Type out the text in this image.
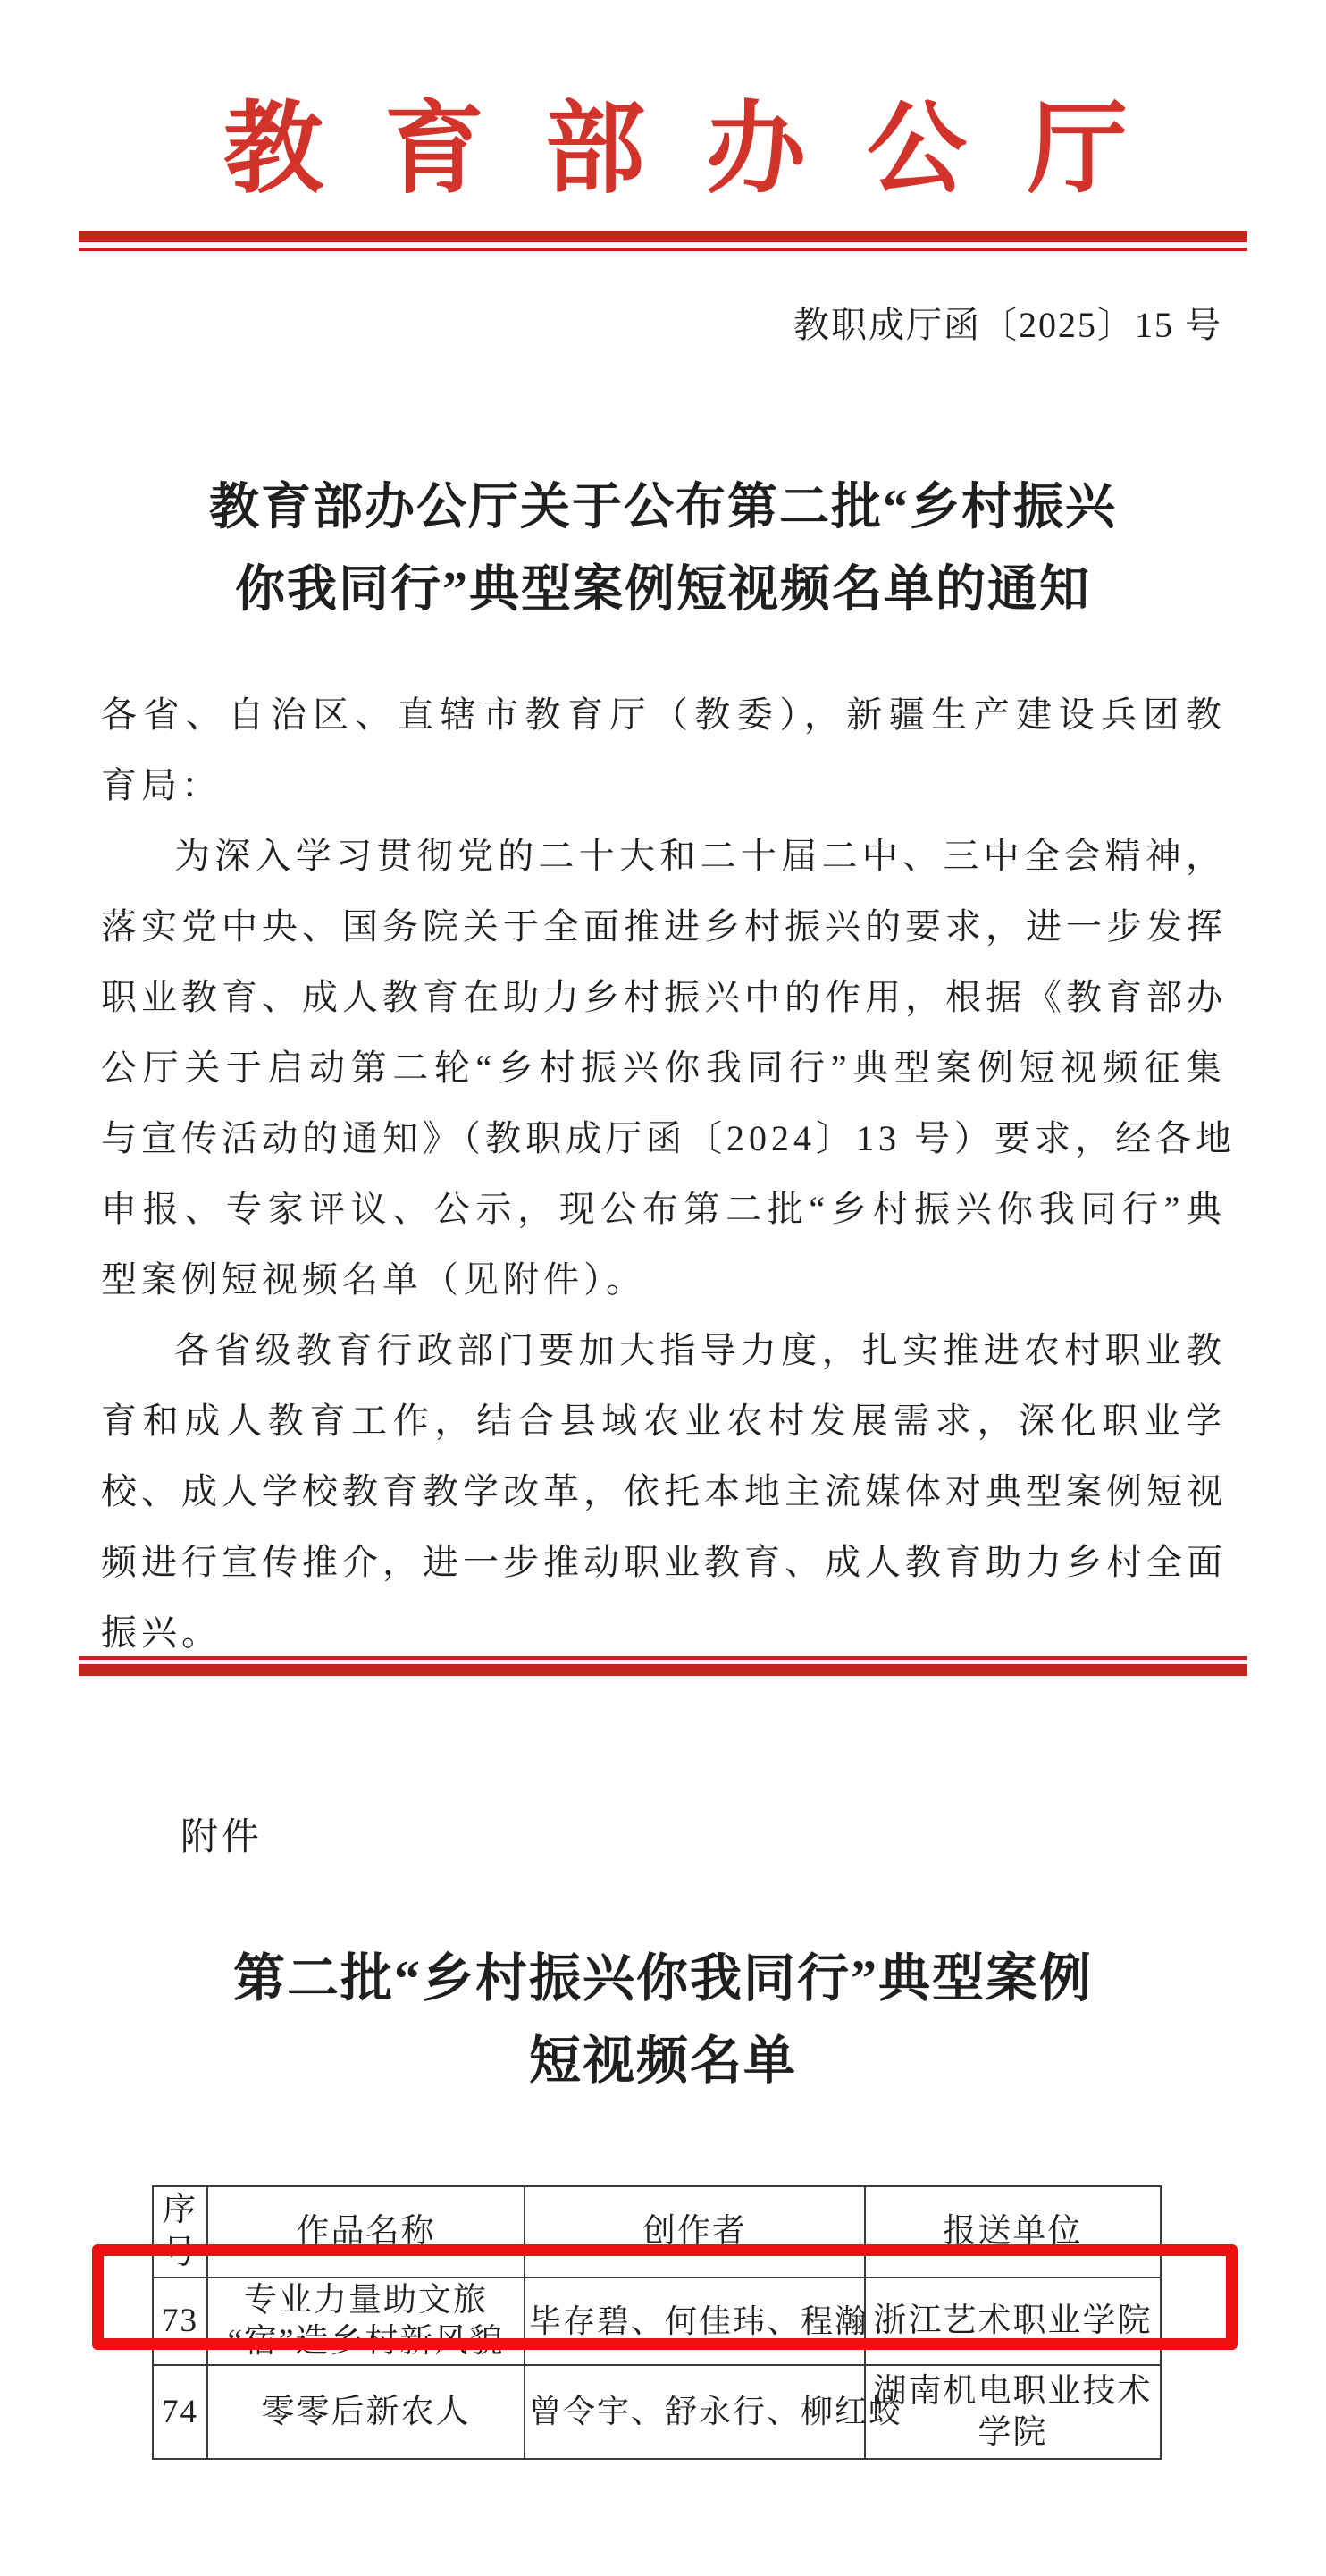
教 育 部 办 公 厅
教职成厅函〔2025〕15 号
教育部办公厅关于公布第二批“乡村振兴
你我同行”典型案例短视频名单的通知
各省、自治区、直辖市教育厅（教委），新疆生产建设兵团教
育局：
为深入学习贯彻党的二十大和二十届二中、三中全会精神，
落实党中央、国务院关于全面推进乡村振兴的要求，进一步发挥
职业教育、成人教育在助力乡村振兴中的作用，根据《教育部办
公厅关于启动第二轮“乡村振兴你我同行”典型案例短视频征集
与宣传活动的通知》（教职成厅函〔2024〕13 号）要求，经各地
申报、专家评议、公示，现公布第二批“乡村振兴你我同行”典
型案例短视频名单（见附件）。
各省级教育行政部门要加大指导力度，扎实推进农村职业教
育和成人教育工作，结合县域农业农村发展需求，深化职业学
校、成人学校教育教学改革，依托本地主流媒体对典型案例短视
频进行宣传推介，进一步推动职业教育、成人教育助力乡村全面
振兴。
附件
第二批“乡村振兴你我同行”典型案例
短视频名单
序号	作品名称	创作者	报送单位
73	专业力量助文旅
“宿”造乡村新风貌	毕存碧、何佳玮、程瀚	浙江艺术职业学院

74	零零后新农人	曾令宇、舒永行、柳红蛟	湖南机电职业技术
学院
